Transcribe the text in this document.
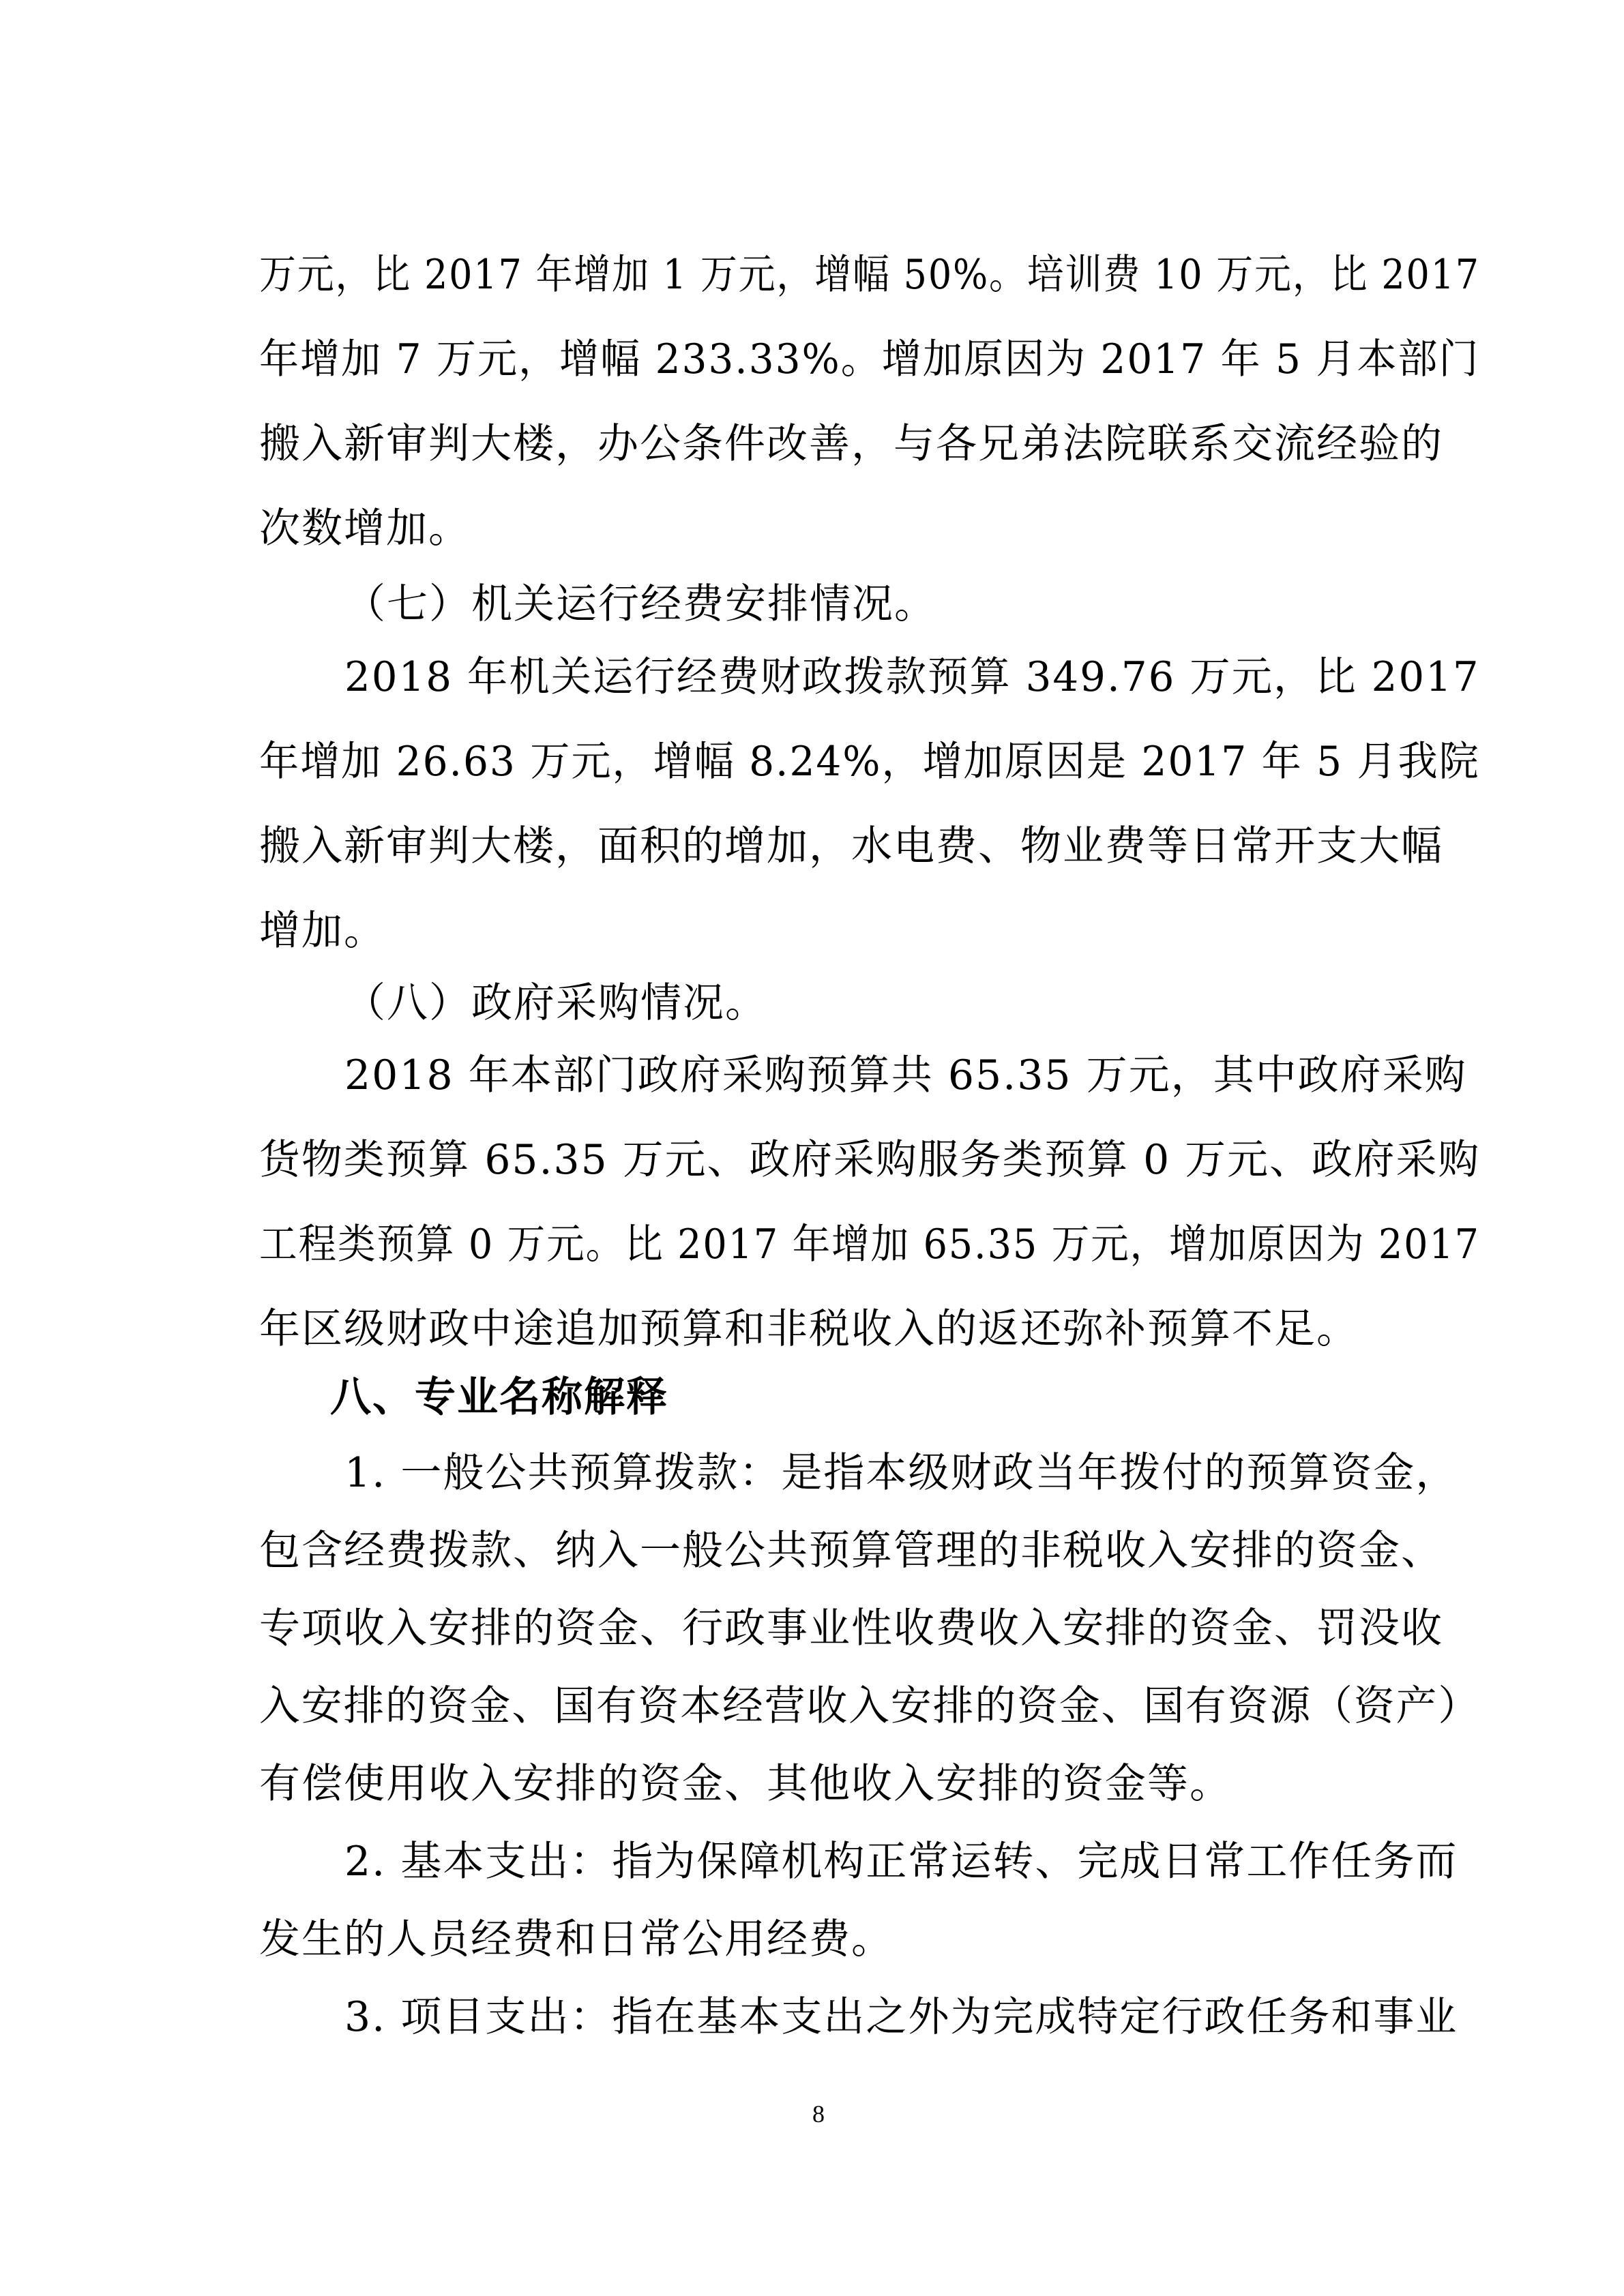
万元，比 2017 年增加 1 万元，增幅 50%。培训费 10 万元，比 2017
年增加 7 万元，增幅 233.33%。增加原因为 2017 年 5 月本部门
搬入新审判大楼，办公条件改善，与各兄弟法院联系交流经验的
次数增加。
（七）机关运行经费安排情况。
2018 年机关运行经费财政拨款预算 349.76 万元，比 2017
年增加 26.63 万元，增幅 8.24%，增加原因是 2017 年 5 月我院
搬入新审判大楼，面积的增加，水电费、物业费等日常开支大幅
增加。
（八）政府采购情况。
2018 年本部门政府采购预算共 65.35 万元，其中政府采购
货物类预算 65.35 万元、政府采购服务类预算 0 万元、政府采购
工程类预算 0 万元。比 2017 年增加 65.35 万元，增加原因为 2017
年区级财政中途追加预算和非税收入的返还弥补预算不足。
八、专业名称解释
1. 一般公共预算拨款：是指本级财政当年拨付的预算资金，
包含经费拨款、纳入一般公共预算管理的非税收入安排的资金、
专项收入安排的资金、行政事业性收费收入安排的资金、罚没收
入安排的资金、国有资本经营收入安排的资金、国有资源（资产）
有偿使用收入安排的资金、其他收入安排的资金等。
2. 基本支出：指为保障机构正常运转、完成日常工作任务而
发生的人员经费和日常公用经费。
3. 项目支出：指在基本支出之外为完成特定行政任务和事业
8
